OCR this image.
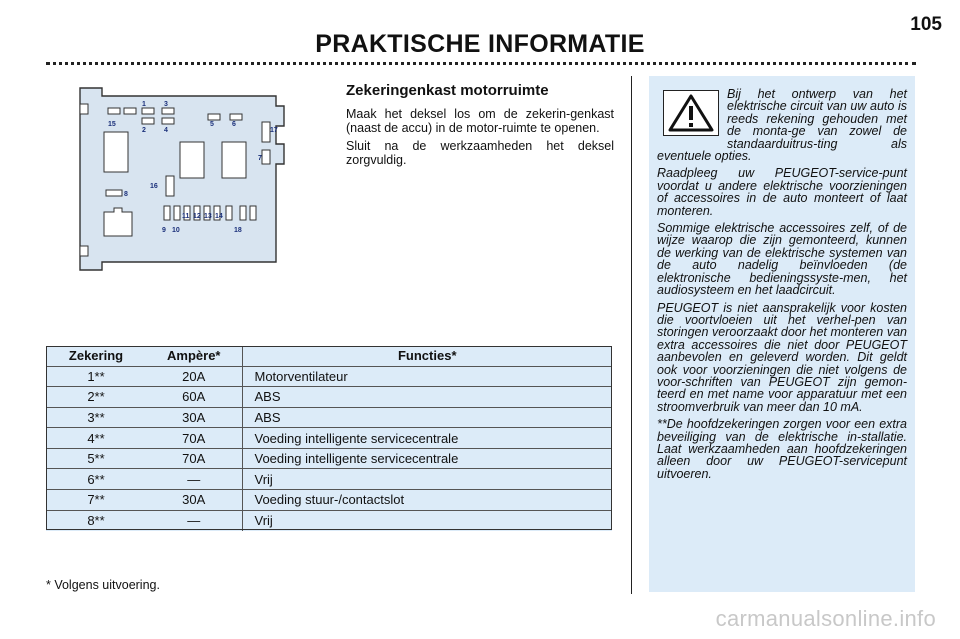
105
PRAKTISCHE INFORMATIE
1	3
15
2	4
5	6
17
7
16
8
11 12 13 14
9 10	18
Zekeringenkast motorruimte

Maak het deksel los om de zekerin-genkast (naast de accu) in de motor-ruimte te openen.

Sluit na de werkzaamheden het deksel zorgvuldig.

Zekering	Ampère*	Functies*
1**	20A	Motorventilateur
2**	60A	ABS
3**	30A	ABS
4**	70A	Voeding intelligente servicecentrale
5**	70A	Voeding intelligente servicecentrale
6**	—	Vrij
7**	30A	Voeding stuur-/contactslot
8**	—	Vrij
* Volgens uitvoering.

Bij het ontwerp van het elektrische circuit van uw auto is reeds rekening gehouden met de monta-ge van zowel de standaarduitrus-ting als eventuele opties.

Raadpleeg uw PEUGEOT-service-punt voordat u andere elektrische voorzieningen of accessoires in de auto monteert of laat monteren.

Sommige elektrische accessoires zelf, of de wijze waarop die zijn gemonteerd, kunnen de werking van de elektrische systemen van de auto nadelig beïnvloeden (de elektronische bedieningssyste-men, het audiosysteem en het laadcircuit.

PEUGEOT is niet aansprakelijk voor kosten die voortvloeien uit het verhel-pen van storingen veroorzaakt door het monteren van extra accessoires die niet door PEUGEOT aanbevolen en geleverd worden. Dit geldt ook voor voorzieningen die niet volgens de voor-schriften van PEUGEOT zijn gemon-teerd en met name voor apparatuur met een stroomverbruik van meer dan 10 mA.

**De hoofdzekeringen zorgen voor een extra beveiliging van de elektrische in-stallatie. Laat werkzaamheden aan hoofdzekeringen alleen door uw PEUGEOT-servicepunt uitvoeren.

carmanualsonline.info
